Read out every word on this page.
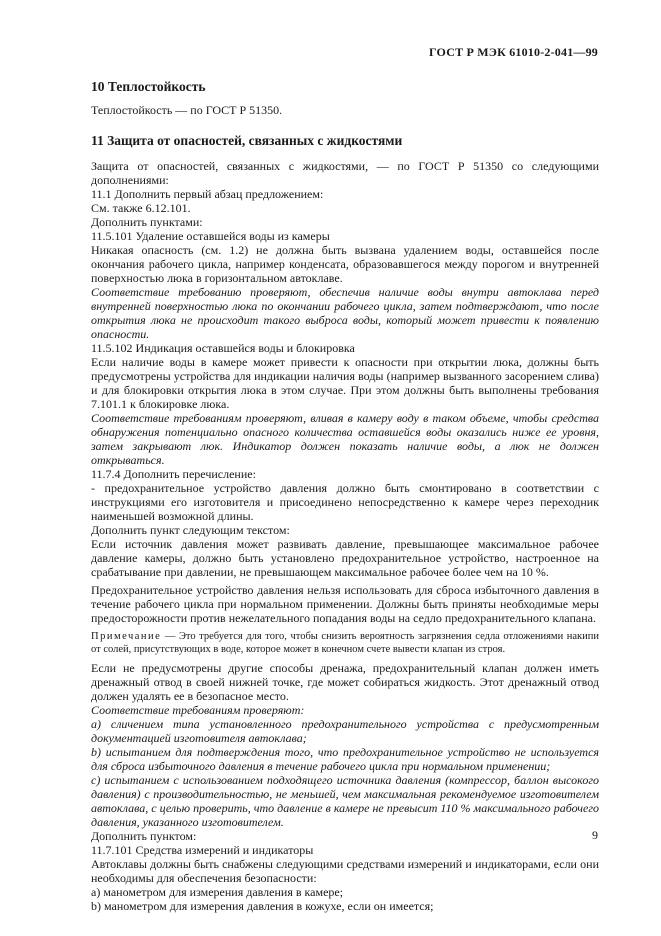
ГОСТ Р МЭК 61010-2-041—99
10 Теплостойкость

Теплостойкость — по ГОСТ Р 51350.

11 Защита от опасностей, связанных с жидкостями

Защита от опасностей, связанных с жидкостями, — по ГОСТ Р 51350 со следующими дополнениями:

11.1 Дополнить первый абзац предложением:

См. также 6.12.101.

Дополнить пунктами:

11.5.101 Удаление оставшейся воды из камеры

Никакая опасность (см. 1.2) не должна быть вызвана удалением воды, оставшейся после окончания рабочего цикла, например конденсата, образовавшегося между порогом и внутренней поверхностью люка в горизонтальном автоклаве.

Соответствие требованию проверяют, обеспечив наличие воды внутри автоклава перед внутренней поверхностью люка по окончании рабочего цикла, затем подтверждают, что после открытия люка не происходит такого выброса воды, который может привести к появлению опасности.

11.5.102 Индикация оставшейся воды и блокировка

Если наличие воды в камере может привести к опасности при открытии люка, должны быть предусмотрены устройства для индикации наличия воды (например вызванного засорением слива) и для блокировки открытия люка в этом случае. При этом должны быть выполнены требования 7.101.1 к блокировке люка.

Соответствие требованиям проверяют, вливая в камеру воду в таком объеме, чтобы средства обнаружения потенциально опасного количества оставшейся воды оказались ниже ее уровня, затем закрывают люк. Индикатор должен показать наличие воды, а люк не должен открываться.

11.7.4 Дополнить перечисление:

- предохранительное устройство давления должно быть смонтировано в соответствии с инструкциями его изготовителя и присоединено непосредственно к камере через переходник наименьшей возможной длины.

Дополнить пункт следующим текстом:

Если источник давления может развивать давление, превышающее максимальное рабочее давление камеры, должно быть установлено предохранительное устройство, настроенное на срабатывание при давлении, не превышающем максимальное рабочее более чем на 10 %.

Предохранительное устройство давления нельзя использовать для сброса избыточного давления в течение рабочего цикла при нормальном применении. Должны быть приняты необходимые меры предосторожности против нежелательного попадания воды на седло предохранительного клапана.

Примечание — Это требуется для того, чтобы снизить вероятность загрязнения седла отложениями накипи от солей, присутствующих в воде, которое может в конечном счете вывести клапан из строя.

Если не предусмотрены другие способы дренажа, предохранительный клапан должен иметь дренажный отвод в своей нижней точке, где может собираться жидкость. Этот дренажный отвод должен удалять ее в безопасное место.

Соответствие требованиям проверяют:

a) сличением типа установленного предохранительного устройства с предусмотренным документацией изготовителя автоклава;

b) испытанием для подтверждения того, что предохранительное устройство не используется для сброса избыточного давления в течение рабочего цикла при нормальном применении;

c) испытанием с использованием подходящего источника давления (компрессор, баллон высокого давления) с производительностью, не меньшей, чем максимальная рекомендуемое изготовителем автоклава, с целью проверить, что давление в камере не превысит 110 % максимального рабочего давления, указанного изготовителем.

Дополнить пунктом:

11.7.101 Средства измерений и индикаторы

Автоклавы должны быть снабжены следующими средствами измерений и индикаторами, если они необходимы для обеспечения безопасности:

a) манометром для измерения давления в камере;

b) манометром для измерения давления в кожухе, если он имеется;

9
